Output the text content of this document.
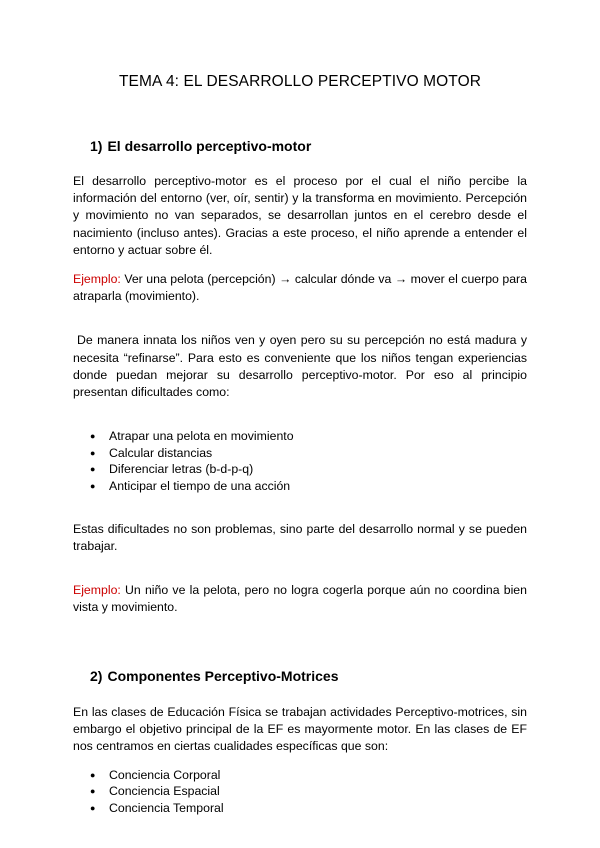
TEMA 4: EL DESARROLLO PERCEPTIVO MOTOR
1) El desarrollo perceptivo-motor

El desarrollo perceptivo-motor es el proceso por el cual el niño percibe la información del entorno (ver, oír, sentir) y la transforma en movimiento. Percepción y movimiento no van separados, se desarrollan juntos en el cerebro desde el nacimiento (incluso antes). Gracias a este proceso, el niño aprende a entender el entorno y actuar sobre él.

Ejemplo: Ver una pelota (percepción) → calcular dónde va → mover el cuerpo para atraparla (movimiento).

De manera innata los niños ven y oyen pero su su percepción no está madura y necesita “refinarse”. Para esto es conveniente que los niños tengan experiencias donde puedan mejorar su desarrollo perceptivo-motor. Por eso al principio presentan dificultades como:

● Atrapar una pelota en movimiento
● Calcular distancias
● Diferenciar letras (b-d-p-q)
● Anticipar el tiempo de una acción

Estas dificultades no son problemas, sino parte del desarrollo normal y se pueden trabajar.

Ejemplo: Un niño ve la pelota, pero no logra cogerla porque aún no coordina bien vista y movimiento.

2) Componentes Perceptivo-Motrices

En las clases de Educación Física se trabajan actividades Perceptivo-motrices, sin embargo el objetivo principal de la EF es mayormente motor. En las clases de EF nos centramos en ciertas cualidades específicas que son:

● Conciencia Corporal
● Conciencia Espacial
● Conciencia Temporal
